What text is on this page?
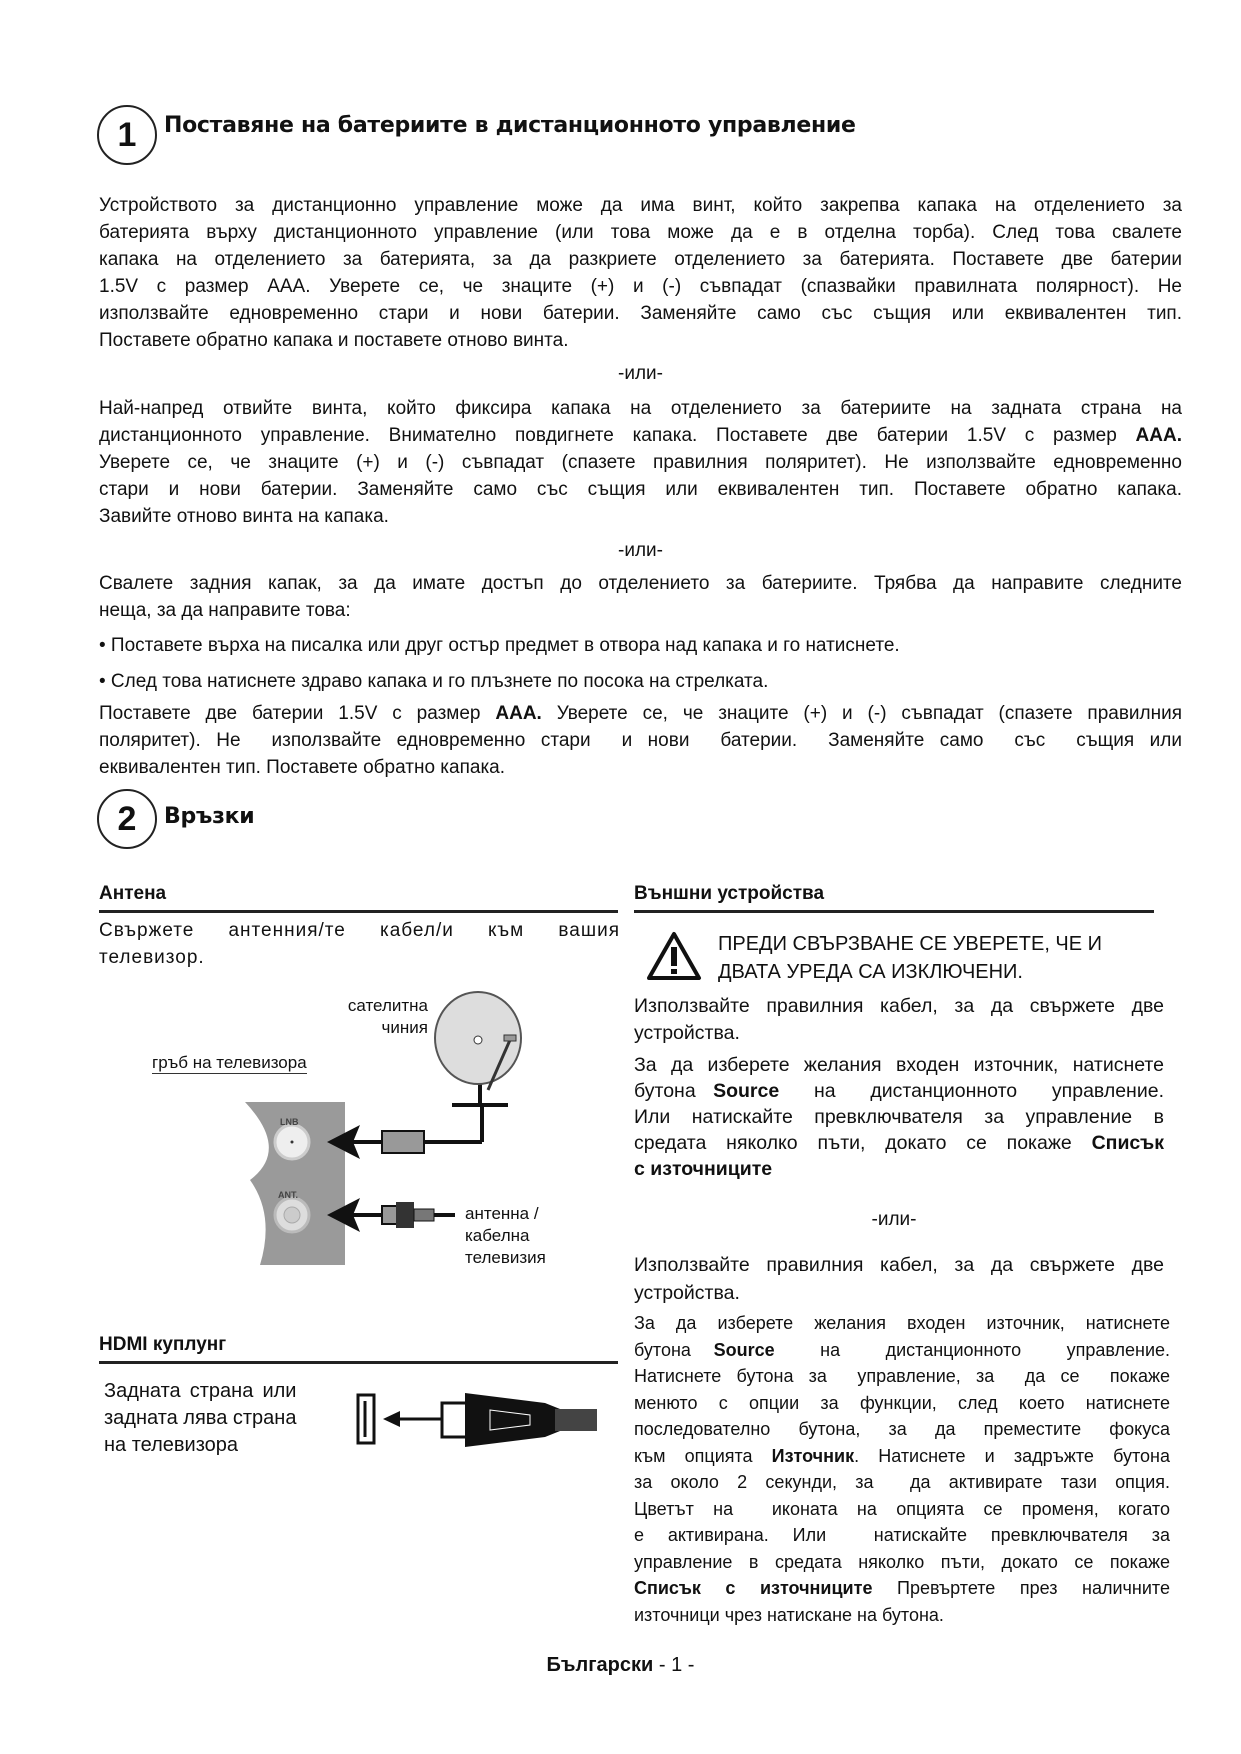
1	Поставяне на батериите в дистанционното управление
Устройството за дистанционно управление може да има винт, който закрепва капака на отделението за
батерията върху дистанционното управление (или това може да е в отделна торба). След това свалете
капака на отделението за батерията, за да разкриете отделението за батерията. Поставете две батерии
1.5V с размер AAA. Уверете се, че знаците (+) и (-) съвпадат (спазвайки правилната полярност). Не
използвайте едновременно стари и нови батерии. Заменяйте само със същия или еквивалентен тип.
Поставете обратно капака и поставете отново винта.
-или-
Най-напред отвийте винта, който фиксира капака на отделението за батериите на задната страна на
дистанционното управление. Внимателно повдигнете капака. Поставете две батерии 1.5V с размер AAA.
Уверете се, че знаците (+) и (-) съвпадат (спазете правилния поляритет). Не използвайте едновременно
стари и нови батерии. Заменяйте само със същия или еквивалентен тип. Поставете обратно капака.
Завийте отново винта на капака.
-или-
Свалете задния капак, за да имате достъп до отделението за батериите. Трябва да направите следните
неща, за да направите това:
• Поставете върха на писалка или друг остър предмет в отвора над капака и го натиснете.
• След това натиснете здраво капака и го плъзнете по посока на стрелката.
Поставете две батерии 1.5V с размер AAA. Уверете се, че знаците (+) и (-) съвпадат (спазете правилния
поляритет). Не  използвайте едновременно стари  и нови  батерии.  Заменяйте само  със  същия или
еквивалентен тип. Поставете обратно капака.
2	Връзки
Антена
Свържете  антенния/те  кабел/и  към  вашия
телевизор.
LNB
ANT.
сателитна
чиния
гръб на телевизора
антенна /
кабелна
телевизия
HDMI куплунг
Задната страна или
задната лява страна
на телевизора
Външни устройства
ПРЕДИ СВЪРЗВАНЕ СЕ УВЕРЕТЕ, ЧЕ И
ДВАТА УРЕДА СА ИЗКЛЮЧЕНИ.
Използвайте правилния кабел, за да свържете две
устройства.
За да изберете желания входен източник, натиснете
бутона Source  на  дистанционното  управление.
Или натискайте превключвателя за управление в
средата няколко пъти, докато се покаже Списък
с източниците
-или-
Използвайте правилния кабел, за да свържете две
устройства.
За да изберете желания входен източник, натиснете
бутона Source  на  дистанционното  управление.
Натиснете бутона за  управление, за  да се  покаже
менюто с опции за функции, след което натиснете
последователно бутона, за да преместите фокуса
към опцията Източник. Натиснете и задръжте бутона
за около 2 секунди, за  да активирате тази опция.
Цветът на  иконата на опцията се променя, когато
е активирана. Или  натискайте превключвателя за
управление в средата няколко пъти, докато се покаже
Списък с източниците Превъртете през наличните
източници чрез натискане на бутона.
Български - 1 -
